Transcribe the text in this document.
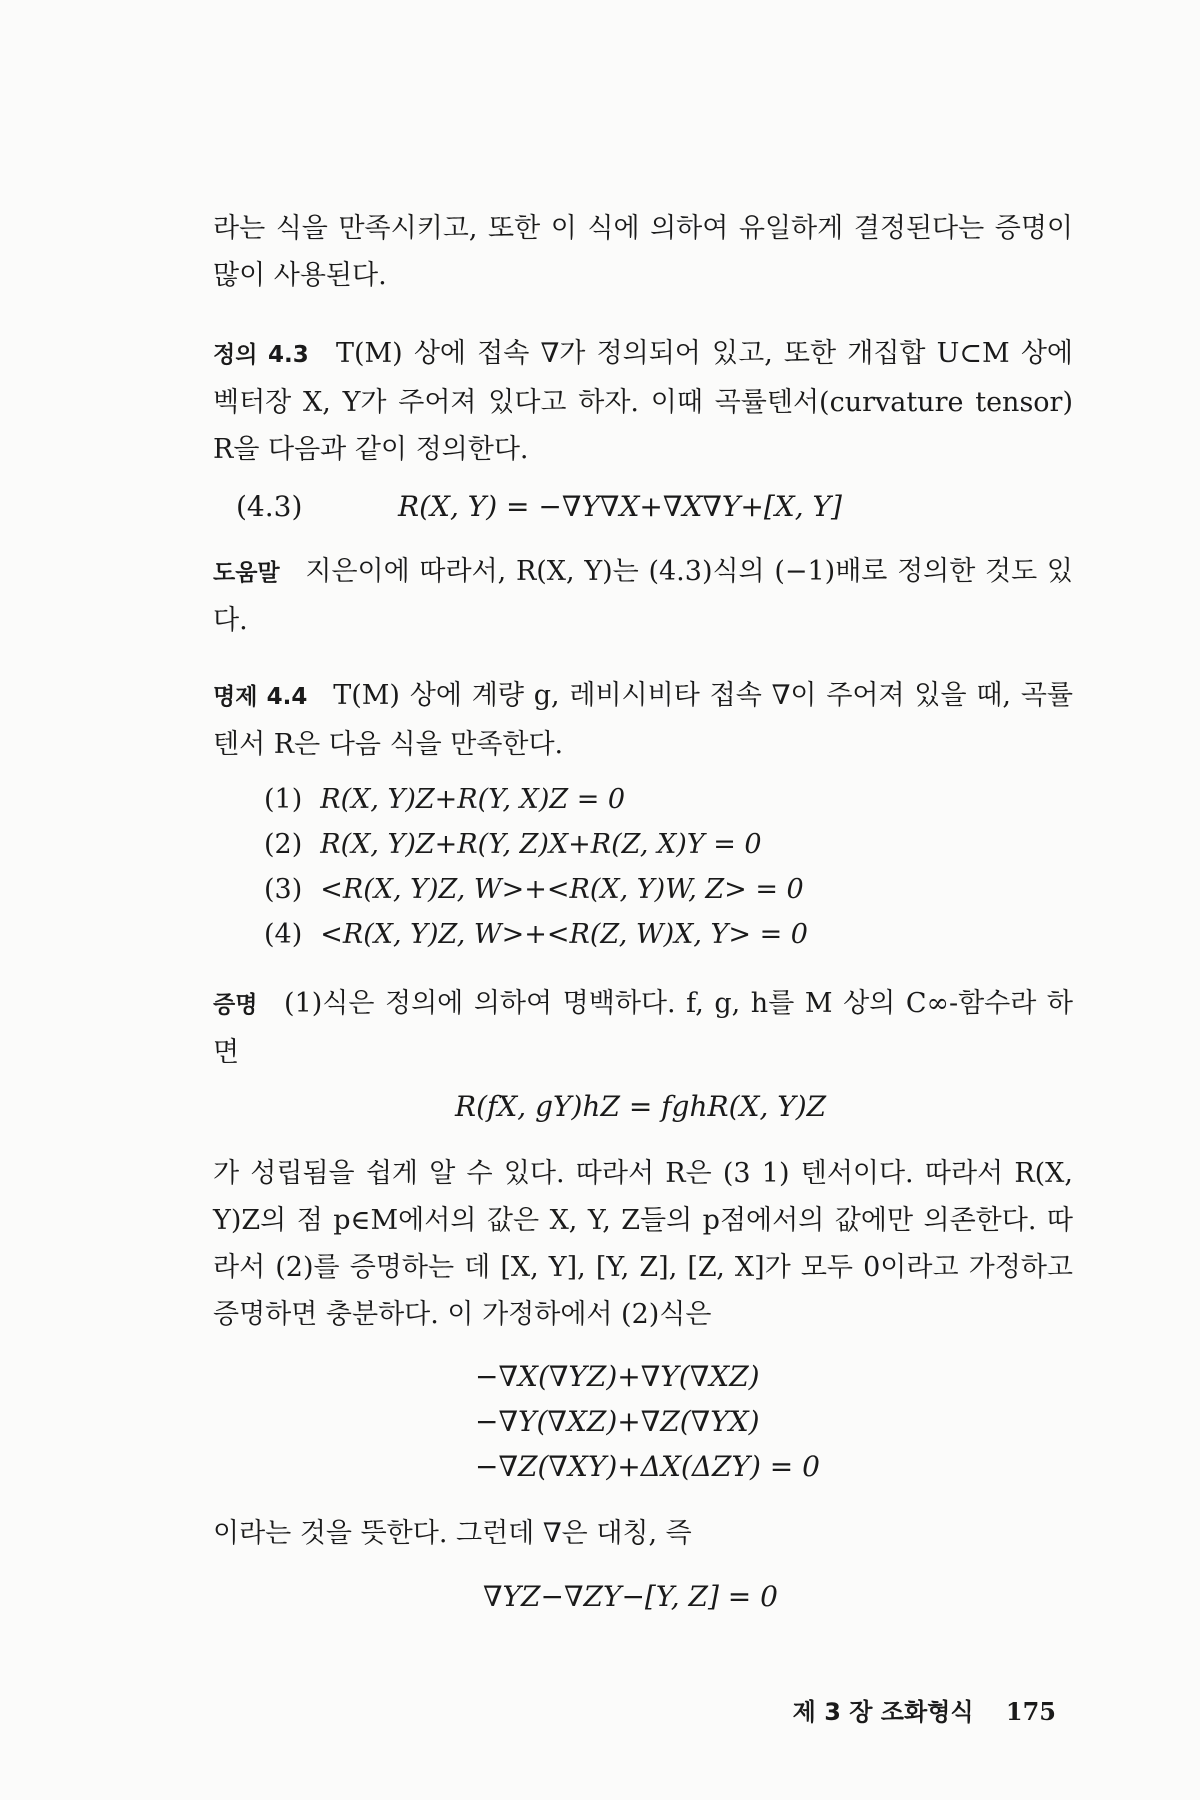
라는 식을 만족시키고, 또한 이 식에 의하여 유일하게 결정된다는 증명이 많이 사용된다.

정의 4.3 T(M) 상에 접속 ∇가 정의되어 있고, 또한 개집합 U⊂M 상에 벡터장 X, Y가 주어져 있다고 하자. 이때 곡률텐서(curvature tensor) R을 다음과 같이 정의한다.

(4.3)	R(X, Y) = −∇Y∇X+∇X∇Y+[X, Y]

도움말 지은이에 따라서, R(X, Y)는 (4.3)식의 (−1)배로 정의한 것도 있다.

명제 4.4 T(M) 상에 계량 g, 레비시비타 접속 ∇이 주어져 있을 때, 곡률텐서 R은 다음 식을 만족한다.

(1) R(X, Y)Z+R(Y, X)Z = 0
(2) R(X, Y)Z+R(Y, Z)X+R(Z, X)Y = 0
(3) <R(X, Y)Z, W>+<R(X, Y)W, Z> = 0
(4) <R(X, Y)Z, W>+<R(Z, W)X, Y> = 0

증명 (1)식은 정의에 의하여 명백하다. f, g, h를 M 상의 C∞-함수라 하면

R(fX, gY)hZ = fghR(X, Y)Z

가 성립됨을 쉽게 알 수 있다. 따라서 R은 (3 1) 텐서이다. 따라서 R(X, Y)Z의 점 p∈M에서의 값은 X, Y, Z들의 p점에서의 값에만 의존한다. 따라서 (2)를 증명하는 데 [X, Y], [Y, Z], [Z, X]가 모두 0이라고 가정하고 증명하면 충분하다. 이 가정하에서 (2)식은

−∇X(∇YZ)+∇Y(∇XZ)
−∇Y(∇XZ)+∇Z(∇YX)
−∇Z(∇XY)+ΔX(ΔZY) = 0

이라는 것을 뜻한다. 그런데 ∇은 대칭, 즉

∇YZ−∇ZY−[Y, Z] = 0
제 3 장 조화형식 175
